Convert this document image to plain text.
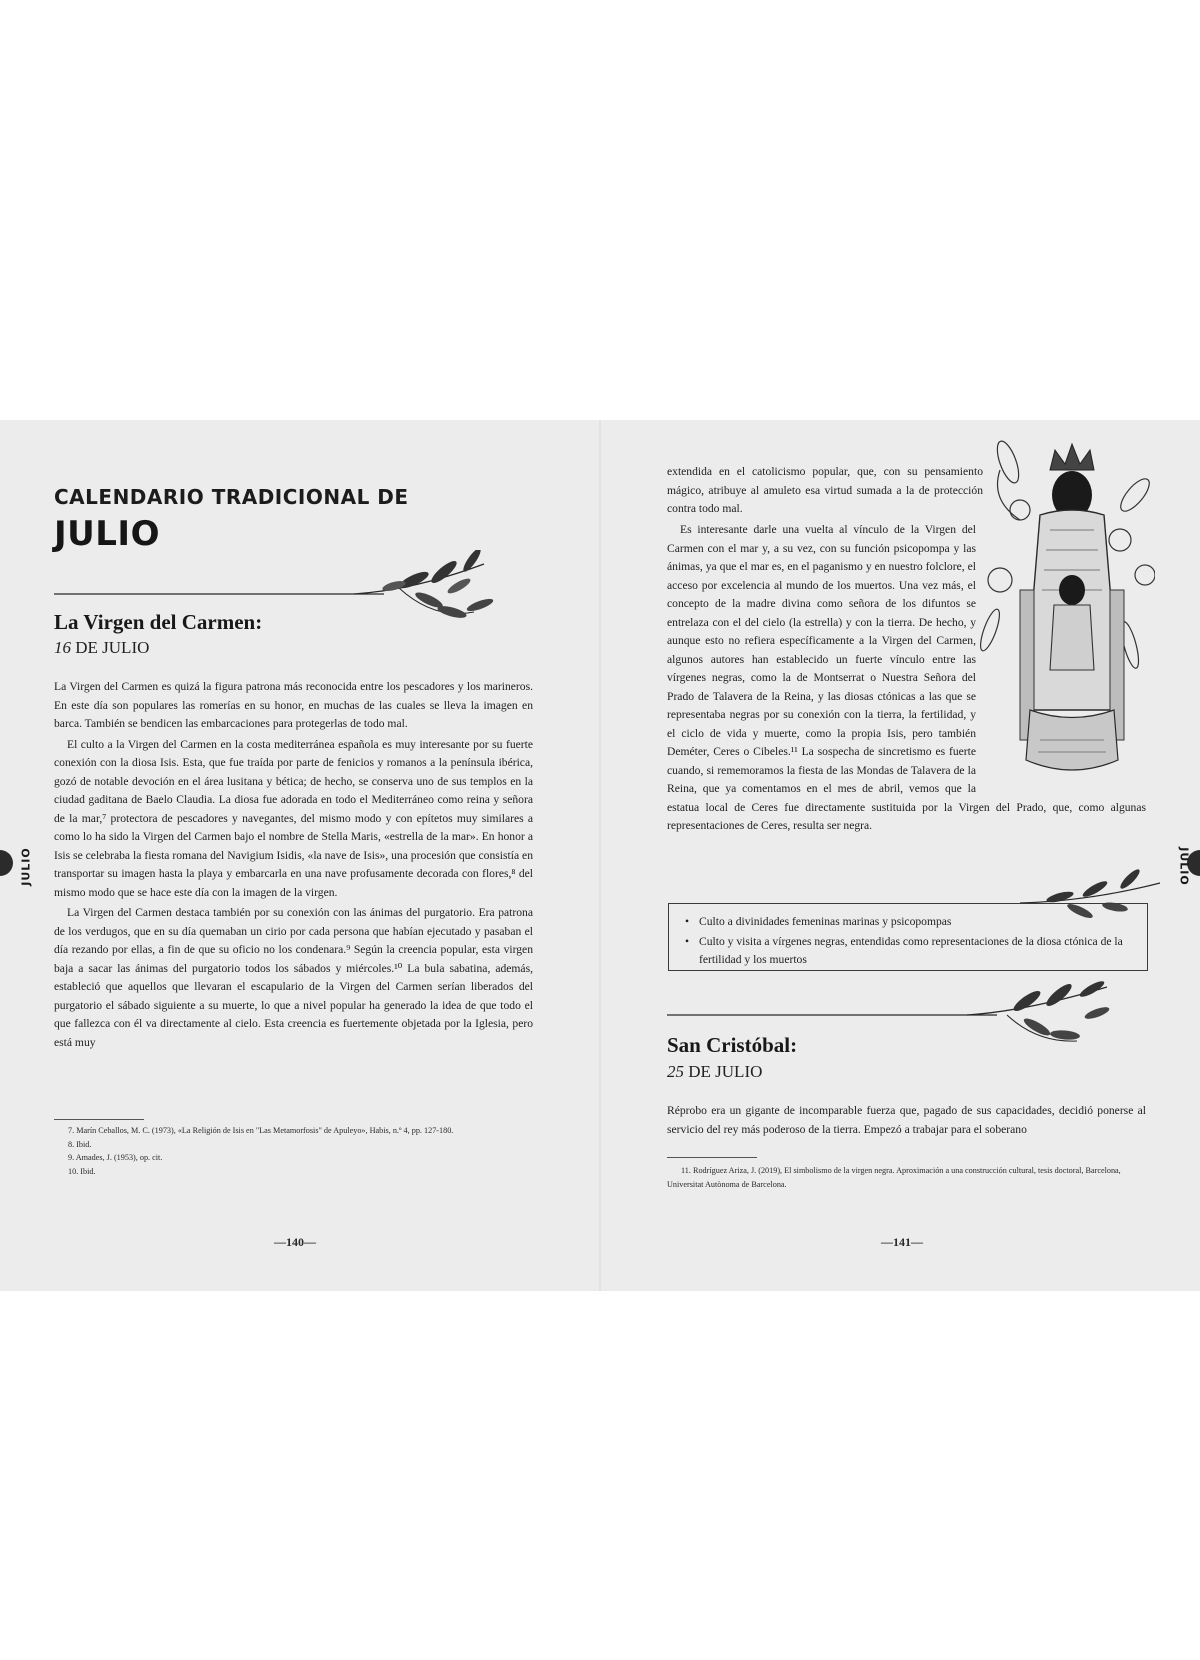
CALENDARIO TRADICIONAL DE
JULIO
La Virgen del Carmen:
16 DE JULIO

La Virgen del Carmen es quizá la figura patrona más reconocida entre los pescadores y los marineros. En este día son populares las romerías en su honor, en muchas de las cuales se lleva la imagen en barca. También se bendicen las embarcaciones para protegerlas de todo mal.

El culto a la Virgen del Carmen en la costa mediterránea española es muy interesante por su fuerte conexión con la diosa Isis. Esta, que fue traída por parte de fenicios y romanos a la península ibérica, gozó de notable devoción en el área lusitana y bética; de hecho, se conserva uno de sus templos en la ciudad gaditana de Baelo Claudia. La diosa fue adorada en todo el Mediterráneo como reina y señora de la mar,⁷ protectora de pescadores y navegantes, del mismo modo y con epítetos muy similares a como lo ha sido la Virgen del Carmen bajo el nombre de Stella Maris, «estrella de la mar». En honor a Isis se celebraba la fiesta romana del Navigium Isidis, «la nave de Isis», una procesión que consistía en transportar su imagen hasta la playa y embarcarla en una nave profusamente decorada con flores,⁸ del mismo modo que se hace este día con la imagen de la virgen.

La Virgen del Carmen destaca también por su conexión con las ánimas del purgatorio. Era patrona de los verdugos, que en su día quemaban un cirio por cada persona que habían ejecutado y pasaban el día rezando por ellas, a fin de que su oficio no los condenara.⁹ Según la creencia popular, esta virgen baja a sacar las ánimas del purgatorio todos los sábados y miércoles.¹⁰ La bula sabatina, además, estableció que aquellos que llevaran el escapulario de la Virgen del Carmen serían liberados del purgatorio el sábado siguiente a su muerte, lo que a nivel popular ha generado la idea de que todo el que fallezca con él va directamente al cielo. Esta creencia es fuertemente objetada por la Iglesia, pero está muy

7. Marín Ceballos, M. C. (1973), «La Religión de Isis en "Las Metamorfosis" de Apuleyo», Habis, n.º 4, pp. 127-180.
8. Ibid.
9. Amades, J. (1953), op. cit.
10. Ibid.
—140—
JULIO

extendida en el catolicismo popular, que, con su pensamiento mágico, atribuye al amuleto esa virtud sumada a la de protección contra todo mal.

Es interesante darle una vuelta al vínculo de la Virgen del Carmen con el mar y, a su vez, con su función psicopompa y las ánimas, ya que el mar es, en el paganismo y en nuestro folclore, el acceso por excelencia al mundo de los muertos. Una vez más, el concepto de la madre divina como señora de los difuntos se entrelaza con el del cielo (la estrella) y con la tierra. De hecho, y aunque esto no refiera específicamente a la Virgen del Carmen, algunos autores han establecido un fuerte vínculo entre las vírgenes negras, como la de Montserrat o Nuestra Señora del Prado de Talavera de la Reina, y las diosas ctónicas a las que se representaba negras por su conexión con la tierra, la fertilidad, y el ciclo de vida y muerte, como la propia Isis, pero también Deméter, Ceres o Cibeles.¹¹ La sospecha de sincretismo es fuerte cuando, si rememoramos la fiesta de las Mondas de Talavera de la Reina, que ya comentamos en el mes de abril, vemos que la estatua local de Ceres fue directamente sustituida por la Virgen del Prado, que, como algunas representaciones de Ceres, resulta ser negra.

• Culto a divinidades femeninas marinas y psicopompas
• Culto y visita a vírgenes negras, entendidas como representaciones de la diosa ctónica de la fertilidad y los muertos
San Cristóbal:
25 DE JULIO

Réprobo era un gigante de incomparable fuerza que, pagado de sus capacidades, decidió ponerse al servicio del rey más poderoso de la tierra. Empezó a trabajar para el soberano

11. Rodríguez Ariza, J. (2019), El simbolismo de la virgen negra. Aproximación a una construcción cultural, tesis doctoral, Barcelona, Universitat Autònoma de Barcelona.
—141—
JULIO
